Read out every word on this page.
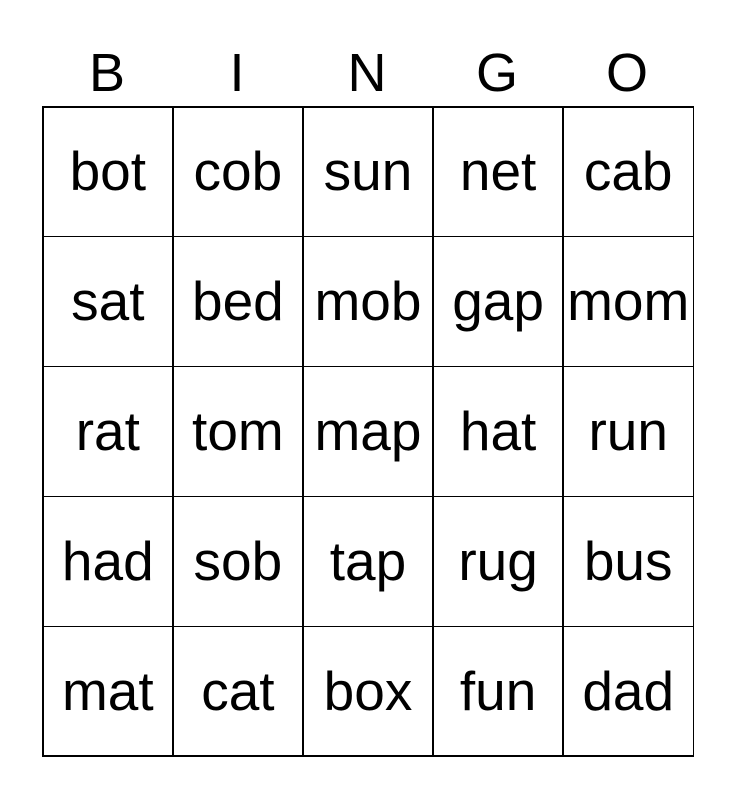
B I N G O
bot cob sun net cab
sat bed mob gap mom
rat tom map hat run
had sob tap rug bus
mat cat box fun dad
